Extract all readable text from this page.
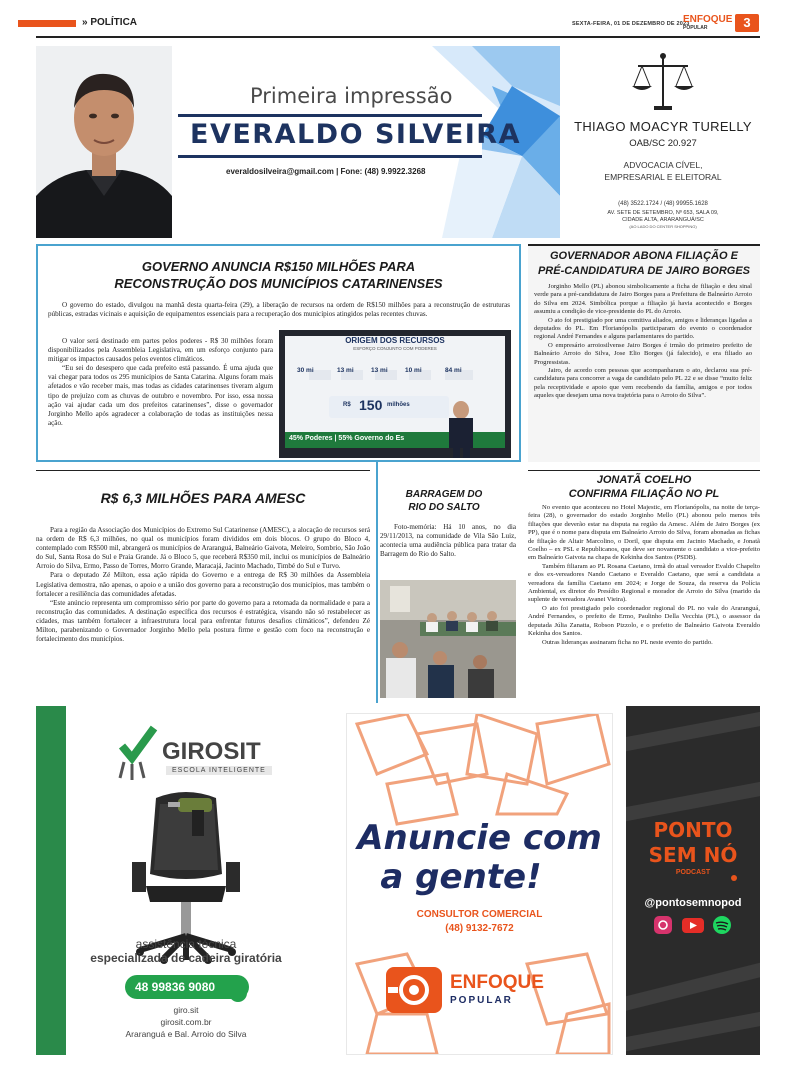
» POLÍTICA	SEXTA-FEIRA, 01 DE DEZEMBRO DE 2023
ENFOQUE
POPULAR	3
Primeira impressão
EVERALDO SILVEIRA
everaldosilveira@gmail.com | Fone: (48) 9.9922.3268
THIAGO MOACYR TURELLY
OAB/SC 20.927
ADVOCACIA CÍVEL,
EMPRESARIAL E ELEITORAL
(48) 3522.1724 / (48) 99955.1628
AV. SETE DE SETEMBRO, Nº 653, SALA 09,
CIDADE ALTA, ARARANGUÁ/SC
(AO LADO DO CENTER SHOPPING)
GOVERNO ANUNCIA R$150 MILHÕES PARA
RECONSTRUÇÃO DOS MUNICÍPIOS CATARINENSES

O governo do estado, divulgou na manhã desta quarta-feira (29), a liberação de recursos na ordem de R$150 milhões para a reconstrução de estruturas públicas, estradas vicinais e aquisição de equipamentos essenciais para a recuperação dos municípios atingidos pelas recentes chuvas.

O valor será destinado em partes pelos poderes - R$ 30 milhões foram disponibilizados pela Assembleia Legislativa, em um esforço conjunto para mitigar os impactos causados pelos eventos climáticos.

“Eu sei do desespero que cada prefeito está passando. É uma ajuda que vai chegar para todos os 295 municípios de Santa Catarina. Alguns foram mais afetados e vão receber mais, mas todas as cidades catarinenses tiveram algum tipo de prejuízo com as chuvas de outubro e novembro. Por isso, essa nossa ação vai ajudar cada um dos prefeitos catarinenses”, disse o governador Jorginho Mello após agradecer a colaboração de todas as instituições nessa ação.

ORIGEM DOS RECURSOS
ESFORÇO CONJUNTO COM PODERES
30 mi	13 mi	13 mi	10 mi	84 mi
R$ 150 milhões
45% Poderes | 55% Governo do Es
GOVERNADOR ABONA FILIAÇÃO E
PRÉ-CANDIDATURA DE JAIRO BORGES

Jorginho Mello (PL) abonou simbolicamente a ficha de filiação e deu sinal verde para a pré-candidatura de Jairo Borges para a Prefeitura de Balneário Arroio do Silva em 2024. Simbólica porque a filiação já havia acontecido e Borges assumiu a condição de vice-presidente do PL do Arroio.

O ato foi prestigiado por uma comitiva aliados, amigos e lideranças ligadas a deputados do PL. Em Florianópolis participaram do evento o coordenador regional André Fernandes e alguns parlamentares do partido.

O empresário arroiosilvense Jairo Borges é irmão do primeiro prefeito de Balneário Arroio do Silva, Jose Elio Borges (já falecido), e era filiado ao Progressistas.

Jairo, de acordo com pessoas que acompanharam o ato, declarou sua pré-candidatura para concorrer a vaga de candidato pelo PL 22 e se disse “muito feliz pela receptividade e apoio que vem recebendo da família, amigos e por todos aqueles que desejam uma nova trajetória para o Arroio do Silva”.

R$ 6,3 MILHÕES PARA AMESC

Para a região da Associação dos Municípios do Extremo Sul Catarinense (AMESC), a alocação de recursos será na ordem de R$ 6,3 milhões, no qual os municípios foram divididos em dois blocos. O grupo do Bloco 4, contemplado com R$500 mil, abrangerá os municípios de Araranguá, Balneário Gaivota, Meleiro, Sombrio, São João do Sul, Santa Rosa do Sul e Praia Grande. Já o Bloco 5, que receberá R$350 mil, inclui os municípios de Balneário Arroio do Silva, Ermo, Passo de Torres, Morro Grande, Maracajá, Jacinto Machado, Timbé do Sul e Turvo.

Para o deputado Zé Milton, essa ação rápida do Governo e a entrega de R$ 30 milhões da Assembleia Legislativa demostra, não apenas, o apoio e a união dos governo para a reconstrução dos municípios, mas também o fortalecer a resiliência das comunidades afetadas.

“Este anúncio representa um compromisso sério por parte do governo para a retomada da normalidade e para a reconstrução das comunidades. A destinação específica dos recursos é estratégica, visando não só restabelecer as cidades, mas também fortalecer a infraestrutura local para enfrentar futuros desafios climáticos”, defendeu Zé Milton, parabenizando o Governador Jorginho Mello pela postura firme e gestão com foco na reconstrução e fortalecimento dos municípios.

BARRAGEM DO
RIO DO SALTO

Foto-memória: Há 10 anos, no dia 29/11/2013, na comunidade de Vila São Luiz, acontecia uma audiência pública para tratar da Barragem do Rio do Salto.

JONATÃ COELHO
CONFIRMA FILIAÇÃO NO PL

No evento que aconteceu no Hotel Majestic, em Florianópolis, na noite de terça-feira (28), o governador do estado Jorginho Mello (PL) abonou pelo menos três filiações que deverão estar na disputa na região da Amesc. Além de Jairo Borges (ex PP), que é o nome para disputa em Balneário Arroio do Silva, foram abonadas as fichas de filiação de Altair Marcolino, o Doril, que disputa em Jacinto Machado, e Jonatã Coelho – ex PSL e Republicanos, que deve ser novamente o candidato a vice-prefeito em Balneário Gaivota na chapa de Kekinha dos Santos (PSDB).

Também filiaram ao PL Rosana Caetano, irmã do atual vereador Evaldo Chapelto e dos ex-vereadores Nando Caetano e Everaldo Caetano, que será a candidata a vereadora da família Caetano em 2024; e Jorge de Souza, da reserva da Polícia Ambiental, ex diretor do Presídio Regional e morador de Arroio do Silva (marido da suplente de vereadora Avanei Vieira).

O ato foi prestigiado pelo coordenador regional do PL no vale do Araranguá, André Fernandes, o prefeito de Ermo, Paulinho Della Vecchia (PL), o assessor da deputada Júlia Zanatta, Robson Pizzolo, e o prefeito de Balneário Gaivota Everaldo Kekinha dos Santos.

Outras lideranças assinaram ficha no PL neste evento do partido.

GIROSIT
ESCOLA INTELIGENTE
assistência técnica
especializada de cadeira giratória
48 99836 9080
giro.sit
girosit.com.br
Araranguá e Bal. Arroio do Silva
Anuncie com
a gente!
CONSULTOR COMERCIAL
(48) 9132-7672
ENFOQUE
POPULAR
PONTO
SEM NÓ
PODCAST
@pontosemnopod
